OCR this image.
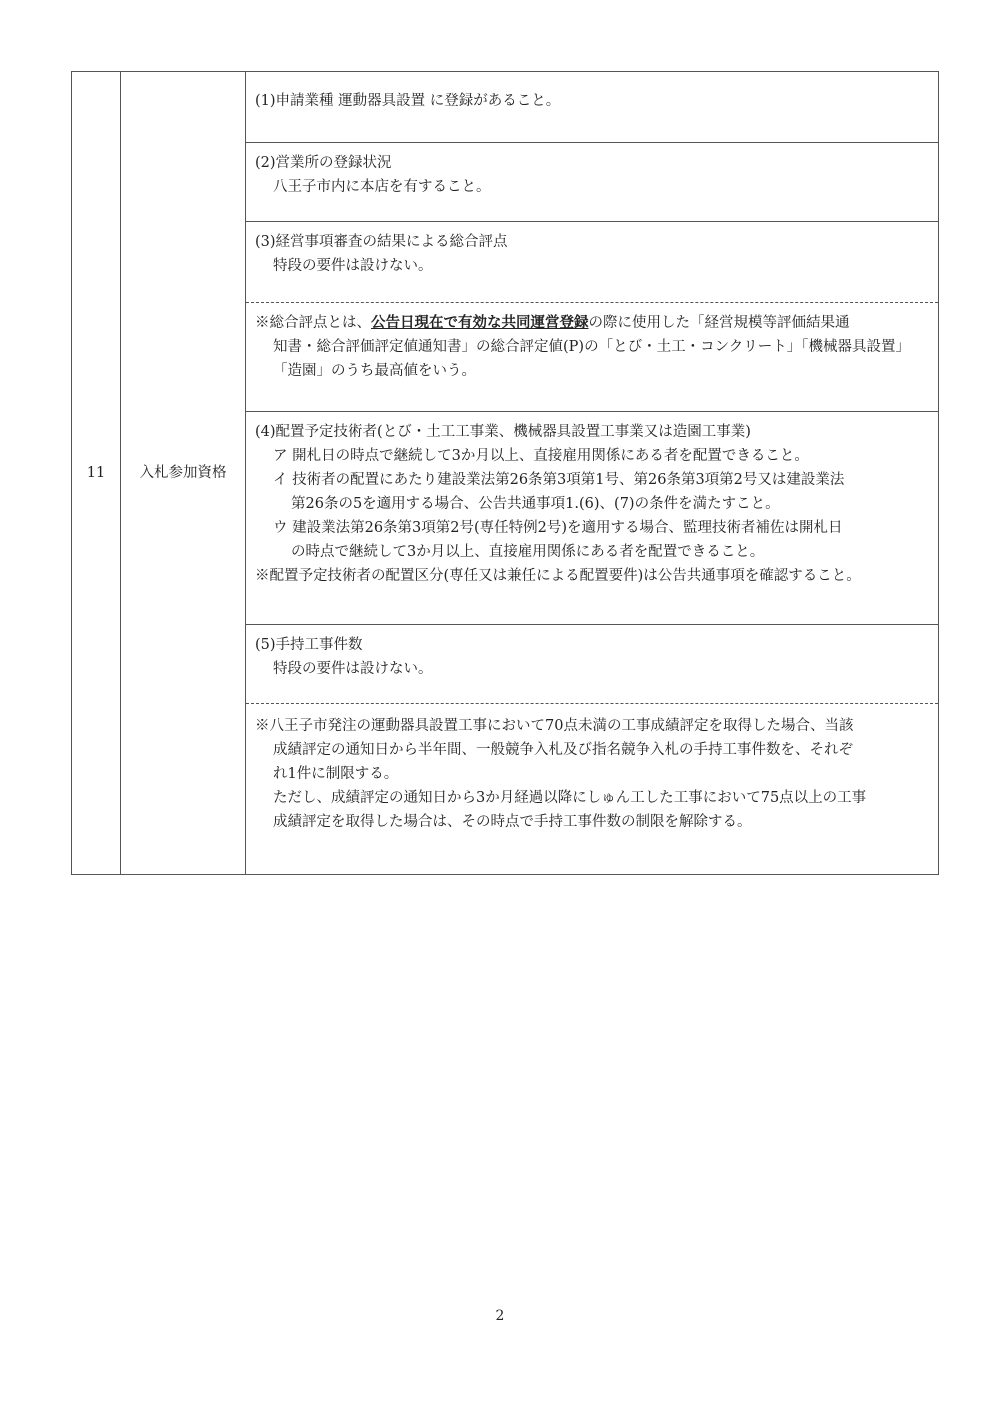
11	入札参加資格	
(1)申請業種 運動器具設置 に登録があること。

(2)営業所の登録状況
八王子市内に本店を有すること。

(3)経営事項審査の結果による総合評点
特段の要件は設けない。

※総合評点とは、公告日現在で有効な共同運営登録の際に使用した「経営規模等評価結果通
知書・総合評価評定値通知書」の総合評定値(P)の「とび・土工・コンクリート」「機械器具設置」
「造園」のうち最高値をいう。

(4)配置予定技術者(とび・土工工事業、機械器具設置工事業又は造園工事業)
ア 開札日の時点で継続して3か月以上、直接雇用関係にある者を配置できること。
イ 技術者の配置にあたり建設業法第26条第3項第1号、第26条第3項第2号又は建設業法
第26条の5を適用する場合、公告共通事項1.(6)、(7)の条件を満たすこと。
ウ 建設業法第26条第3項第2号(専任特例2号)を適用する場合、監理技術者補佐は開札日
の時点で継続して3か月以上、直接雇用関係にある者を配置できること。
※配置予定技術者の配置区分(専任又は兼任による配置要件)は公告共通事項を確認すること。

(5)手持工事件数
特段の要件は設けない。

※八王子市発注の運動器具設置工事において70点未満の工事成績評定を取得した場合、当該
成績評定の通知日から半年間、一般競争入札及び指名競争入札の手持工事件数を、それぞ
れ1件に制限する。
ただし、成績評定の通知日から3か月経過以降にしゅん工した工事において75点以上の工事
成績評定を取得した場合は、その時点で手持工事件数の制限を解除する。
2
